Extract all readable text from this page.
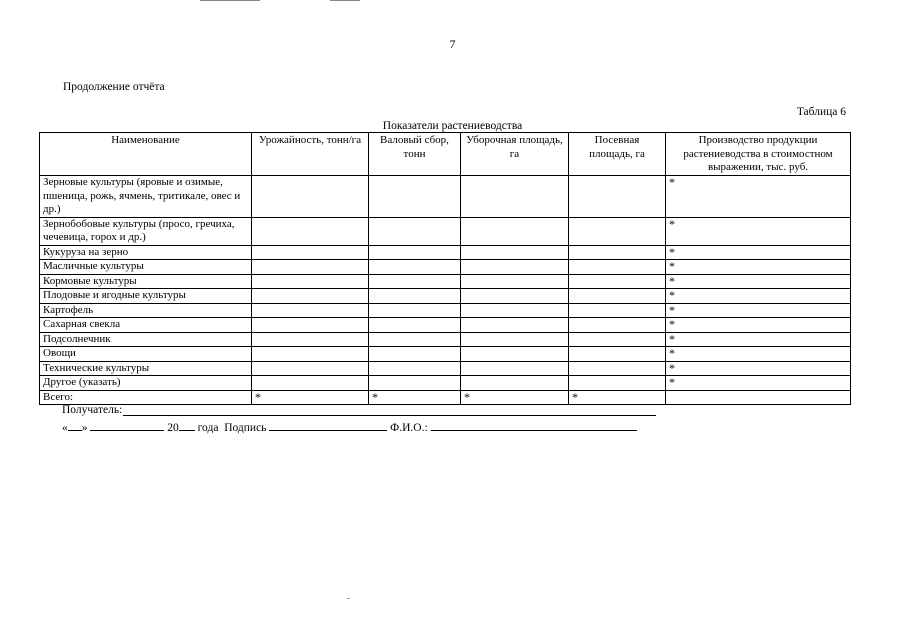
7
Продолжение отчёта
Таблица 6
Показатели растениеводства
Наименование	Урожайность, тонн/га	Валовый сбор, тонн	Уборочная площадь, га	Посевная площадь, га	Производство продукции растениеводства в стоимостном выражении, тыс. руб.
Зерновые культуры (яровые и озимые, пшеница, рожь, ячмень, тритикале, овес и др.)					*
Зернобобовые культуры (просо, гречиха, чечевица, горох и др.)					*
Кукуруза на зерно					*
Масличные культуры					*
Кормовые культуры					*
Плодовые и ягодные культуры					*
Картофель					*
Сахарная свекла					*
Подсолнечник					*
Овощи					*
Технические культуры					*
Другое (указать)					*
Всего:	*	*	*	*	
Получатель:
« »	20 года Подпись	Ф.И.О.:
